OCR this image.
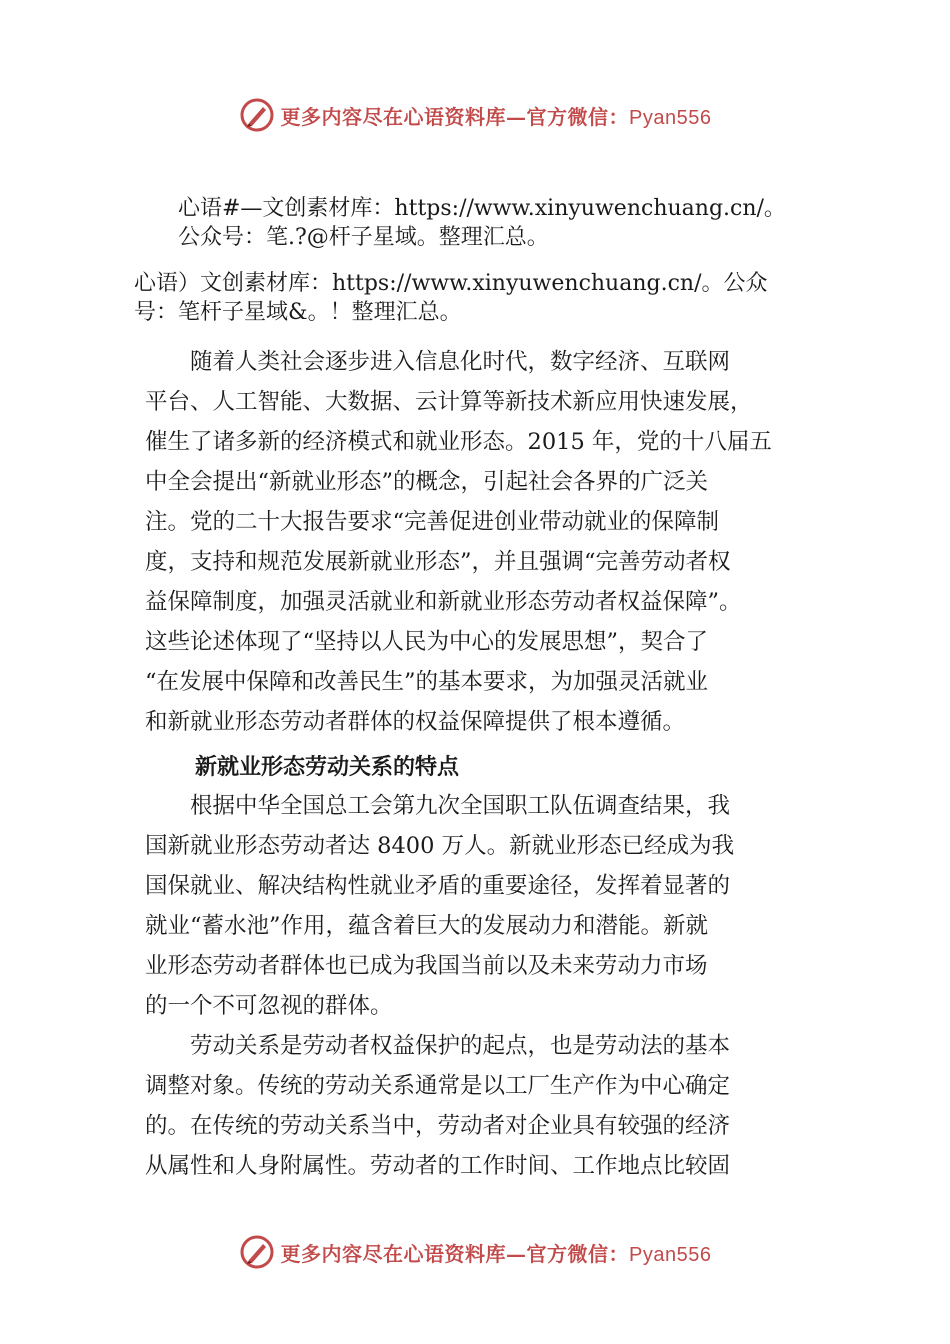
更多内容尽在心语资料库—官方微信：Pyan556
心语#—文创素材库：https://www.xinyuwenchuang.cn/。
公众号：笔.?@杆子星域。整理汇总。
心语）文创素材库：https://www.xinyuwenchuang.cn/。公众
号：笔杆子星域&。！整理汇总。
随着人类社会逐步进入信息化时代，数字经济、互联网
平台、人工智能、大数据、云计算等新技术新应用快速发展，
催生了诸多新的经济模式和就业形态。2015 年，党的十八届五
中全会提出“新就业形态”的概念，引起社会各界的广泛关
注。党的二十大报告要求“完善促进创业带动就业的保障制
度，支持和规范发展新就业形态”，并且强调“完善劳动者权
益保障制度，加强灵活就业和新就业形态劳动者权益保障”。
这些论述体现了“坚持以人民为中心的发展思想”，契合了
“在发展中保障和改善民生”的基本要求，为加强灵活就业
和新就业形态劳动者群体的权益保障提供了根本遵循。
新就业形态劳动关系的特点
根据中华全国总工会第九次全国职工队伍调查结果，我
国新就业形态劳动者达 8400 万人。新就业形态已经成为我
国保就业、解决结构性就业矛盾的重要途径，发挥着显著的
就业“蓄水池”作用，蕴含着巨大的发展动力和潜能。新就
业形态劳动者群体也已成为我国当前以及未来劳动力市场
的一个不可忽视的群体。
劳动关系是劳动者权益保护的起点，也是劳动法的基本
调整对象。传统的劳动关系通常是以工厂生产作为中心确定
的。在传统的劳动关系当中，劳动者对企业具有较强的经济
从属性和人身附属性。劳动者的工作时间、工作地点比较固
更多内容尽在心语资料库—官方微信：Pyan556
